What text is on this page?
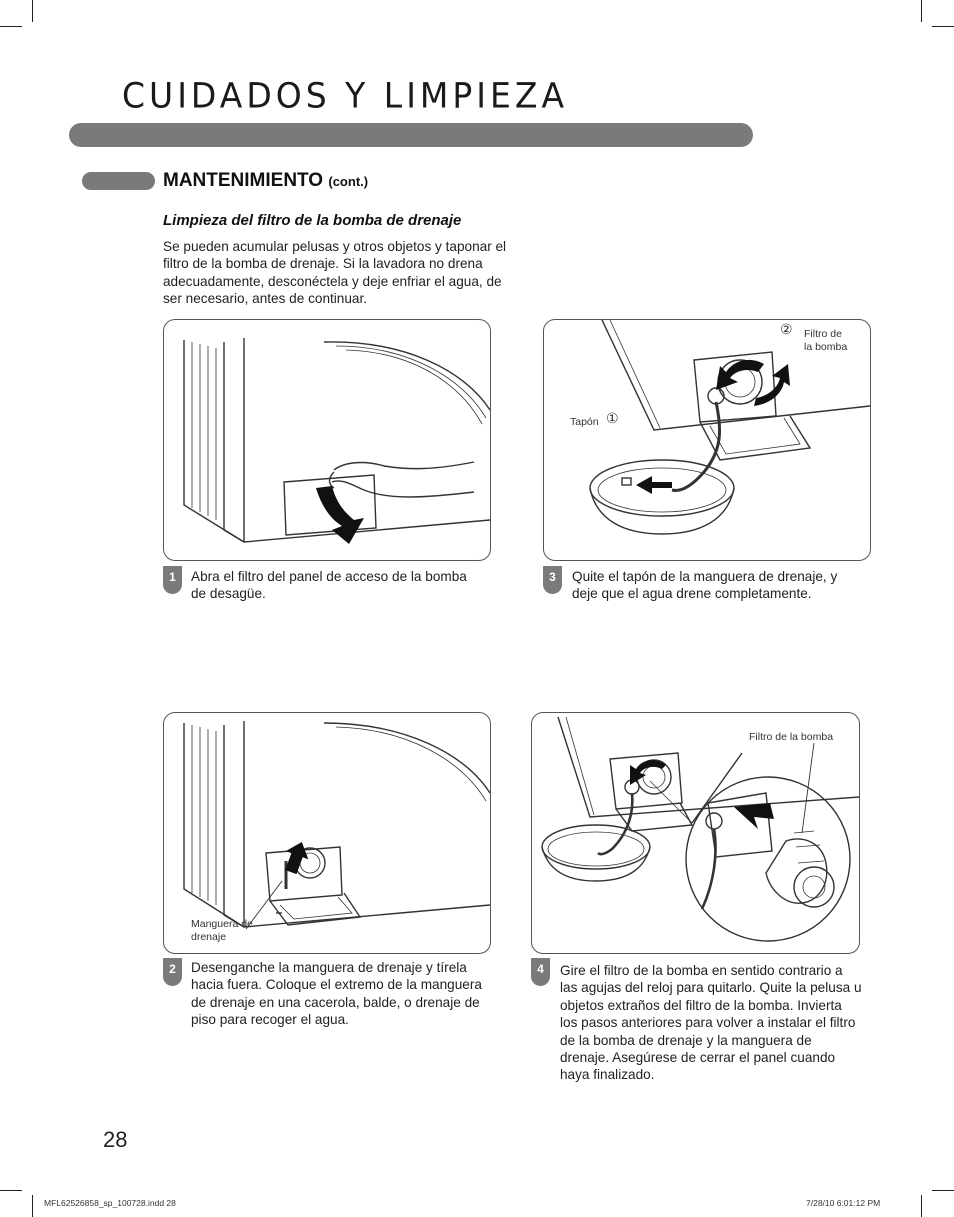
CUIDADOS Y LIMPIEZA
MANTENIMIENTO (cont.)
Limpieza del filtro de la bomba de drenaje

Se pueden acumular pelusas y otros objetos y taponar el filtro de la bomba de drenaje. Si la lavadora no drena adecuadamente, desconéctela y deje enfriar el agua, de ser necesario, antes de continuar.

1	Abra el filtro del panel de acceso de la bomba de desagüe.

② Filtro de la bomba
Tapón ①
3	Quite el tapón de la manguera de drenaje, y deje que el agua drene completamente.

Manguera de drenaje
2	Desenganche la manguera de drenaje y tírela hacia fuera. Coloque el extremo de la manguera de drenaje en una cacerola, balde, o drenaje de piso para recoger el agua.

Filtro de la bomba
4	Gire el filtro de la bomba en sentido contrario a las agujas del reloj para quitarlo. Quite la pelusa u objetos extraños del filtro de la bomba. Invierta los pasos anteriores para volver a instalar el filtro de la bomba de drenaje y la manguera de drenaje. Asegúrese de cerrar el panel cuando haya finalizado.

28
MFL62526858_sp_100728.indd 28	7/28/10 6:01:12 PM
